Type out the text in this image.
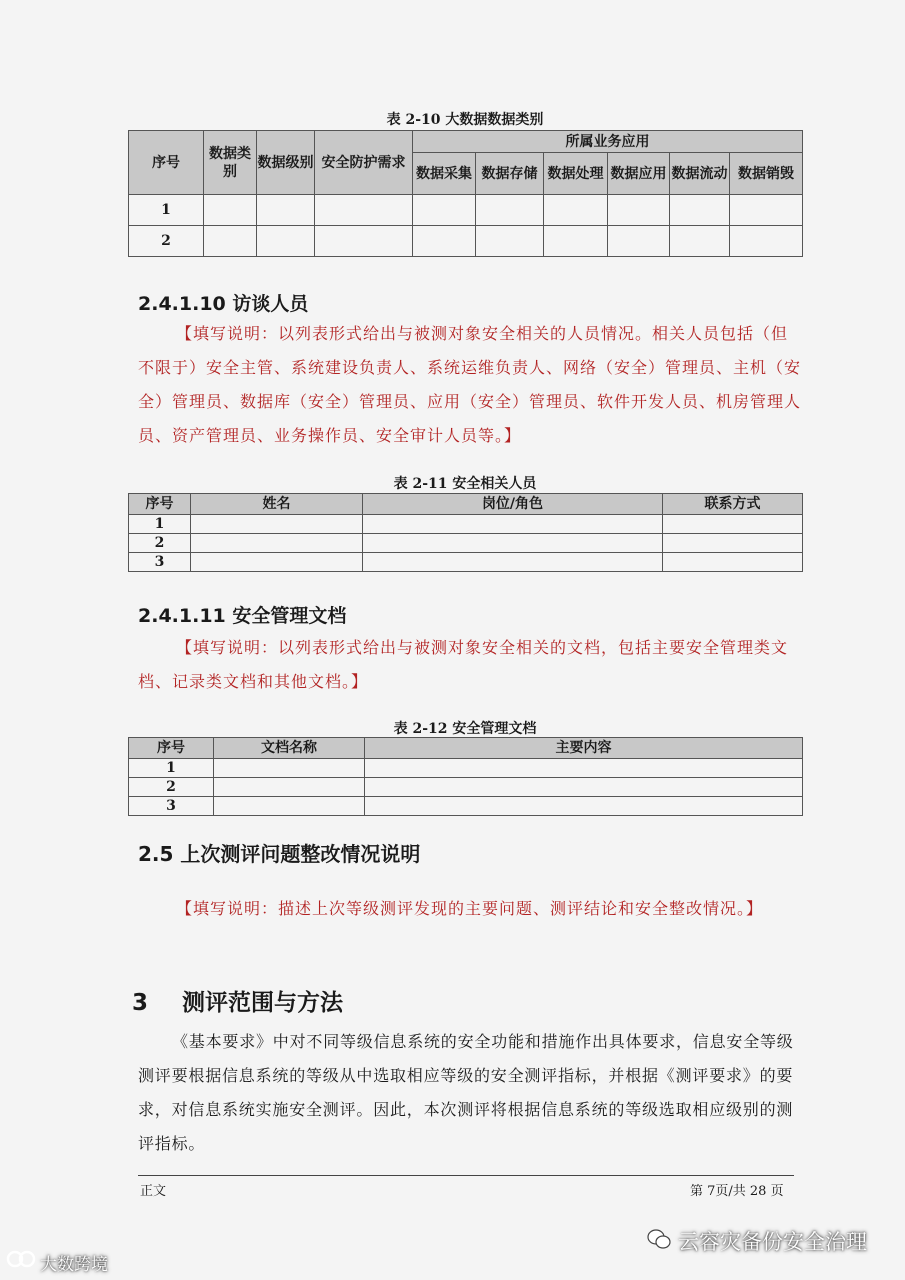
表 2-10 大数据数据类别
序号	数据类别	数据级别	安全防护需求	所属业务应用					
				数据采集	数据存储	数据处理	数据应用	数据流动	数据销毁
1									
2									
2.4.1.10 访谈人员
【填写说明：以列表形式给出与被测对象安全相关的人员情况。相关人员包括（但不限于）安全主管、系统建设负责人、系统运维负责人、网络（安全）管理员、主机（安全）管理员、数据库（安全）管理员、应用（安全）管理员、软件开发人员、机房管理人员、资产管理员、业务操作员、安全审计人员等。】
表 2-11 安全相关人员
序号	姓名	岗位/角色	联系方式
1			
2			
3			
2.4.1.11 安全管理文档
【填写说明：以列表形式给出与被测对象安全相关的文档，包括主要安全管理类文档、记录类文档和其他文档。】
表 2-12 安全管理文档
序号	文档名称	主要内容
1		
2		
3		
2.5 上次测评问题整改情况说明
【填写说明：描述上次等级测评发现的主要问题、测评结论和安全整改情况。】
3 测评范围与方法
《基本要求》中对不同等级信息系统的安全功能和措施作出具体要求，信息安全等级测评要根据信息系统的等级从中选取相应等级的安全测评指标，并根据《测评要求》的要求，对信息系统实施安全测评。因此，本次测评将根据信息系统的等级选取相应级别的测评指标。
正文	第 7页/共 28 页
云容灾备份安全治理
大数跨境
